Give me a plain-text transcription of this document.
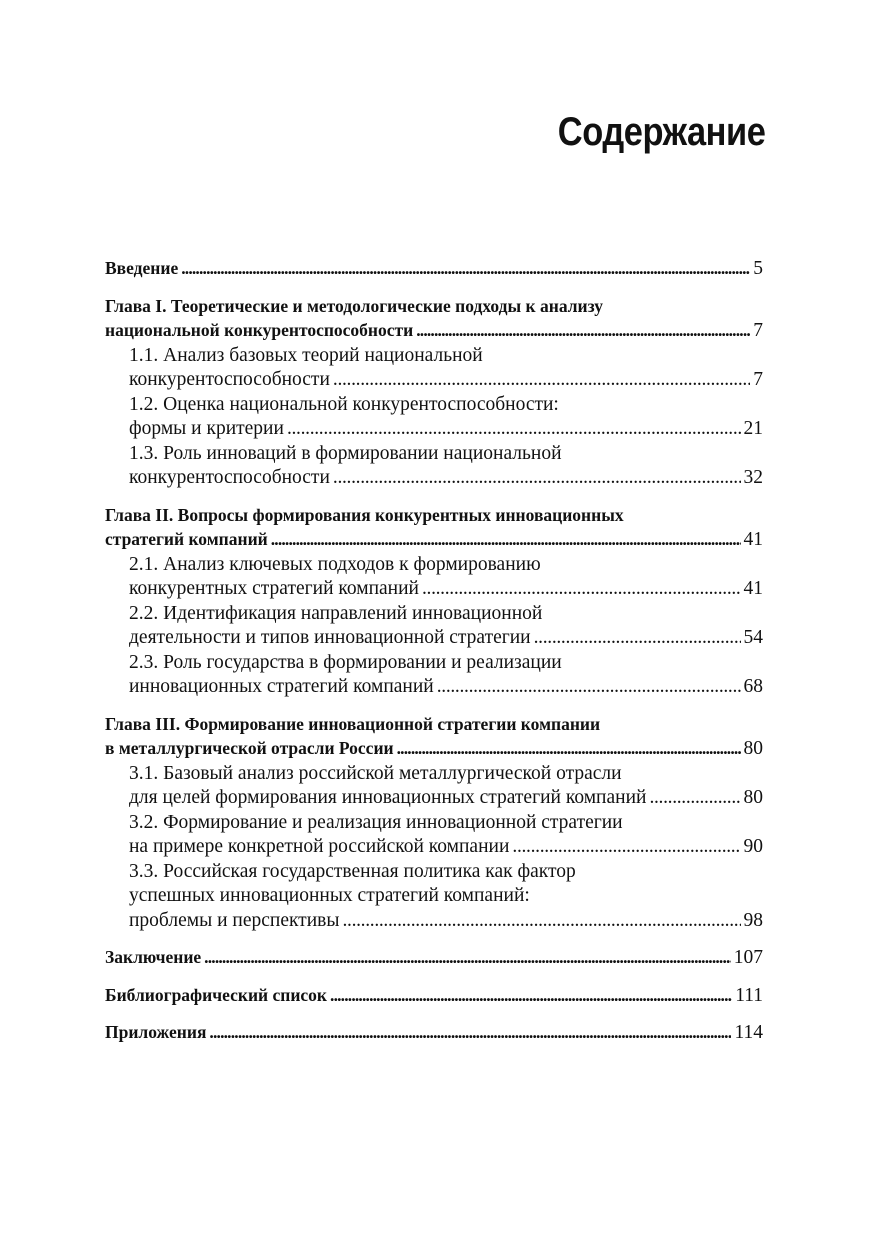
Содержание
Введение . . .	5
Глава I. Теоретические и методологические подходы к анализу
национальной конкурентоспособности . . .	7
1.1. Анализ базовых теорий национальной
конкурентоспособности . . .	7
1.2. Оценка национальной конкурентоспособности:
формы и критерии . . .	21
1.3. Роль инноваций в формировании национальной
конкурентоспособности . . .	32
Глава II. Вопросы формирования конкурентных инновационных
стратегий компаний . . .	41
2.1. Анализ ключевых подходов к формированию
конкурентных стратегий компаний . . .	41
2.2. Идентификация направлений инновационной
деятельности и типов инновационной стратегии . . .	54
2.3. Роль государства в формировании и реализации
инновационных стратегий компаний . . .	68
Глава III. Формирование инновационной стратегии компании
в металлургической отрасли России . . .	80
3.1. Базовый анализ российской металлургической отрасли
для целей формирования инновационных стратегий компаний . . .	80
3.2. Формирование и реализация инновационной стратегии
на примере конкретной российской компании . . .	90
3.3. Российская государственная политика как фактор
успешных инновационных стратегий компаний:
проблемы и перспективы . . .	98
Заключение . . .	107
Библиографический список . . .	111
Приложения . . .	114
